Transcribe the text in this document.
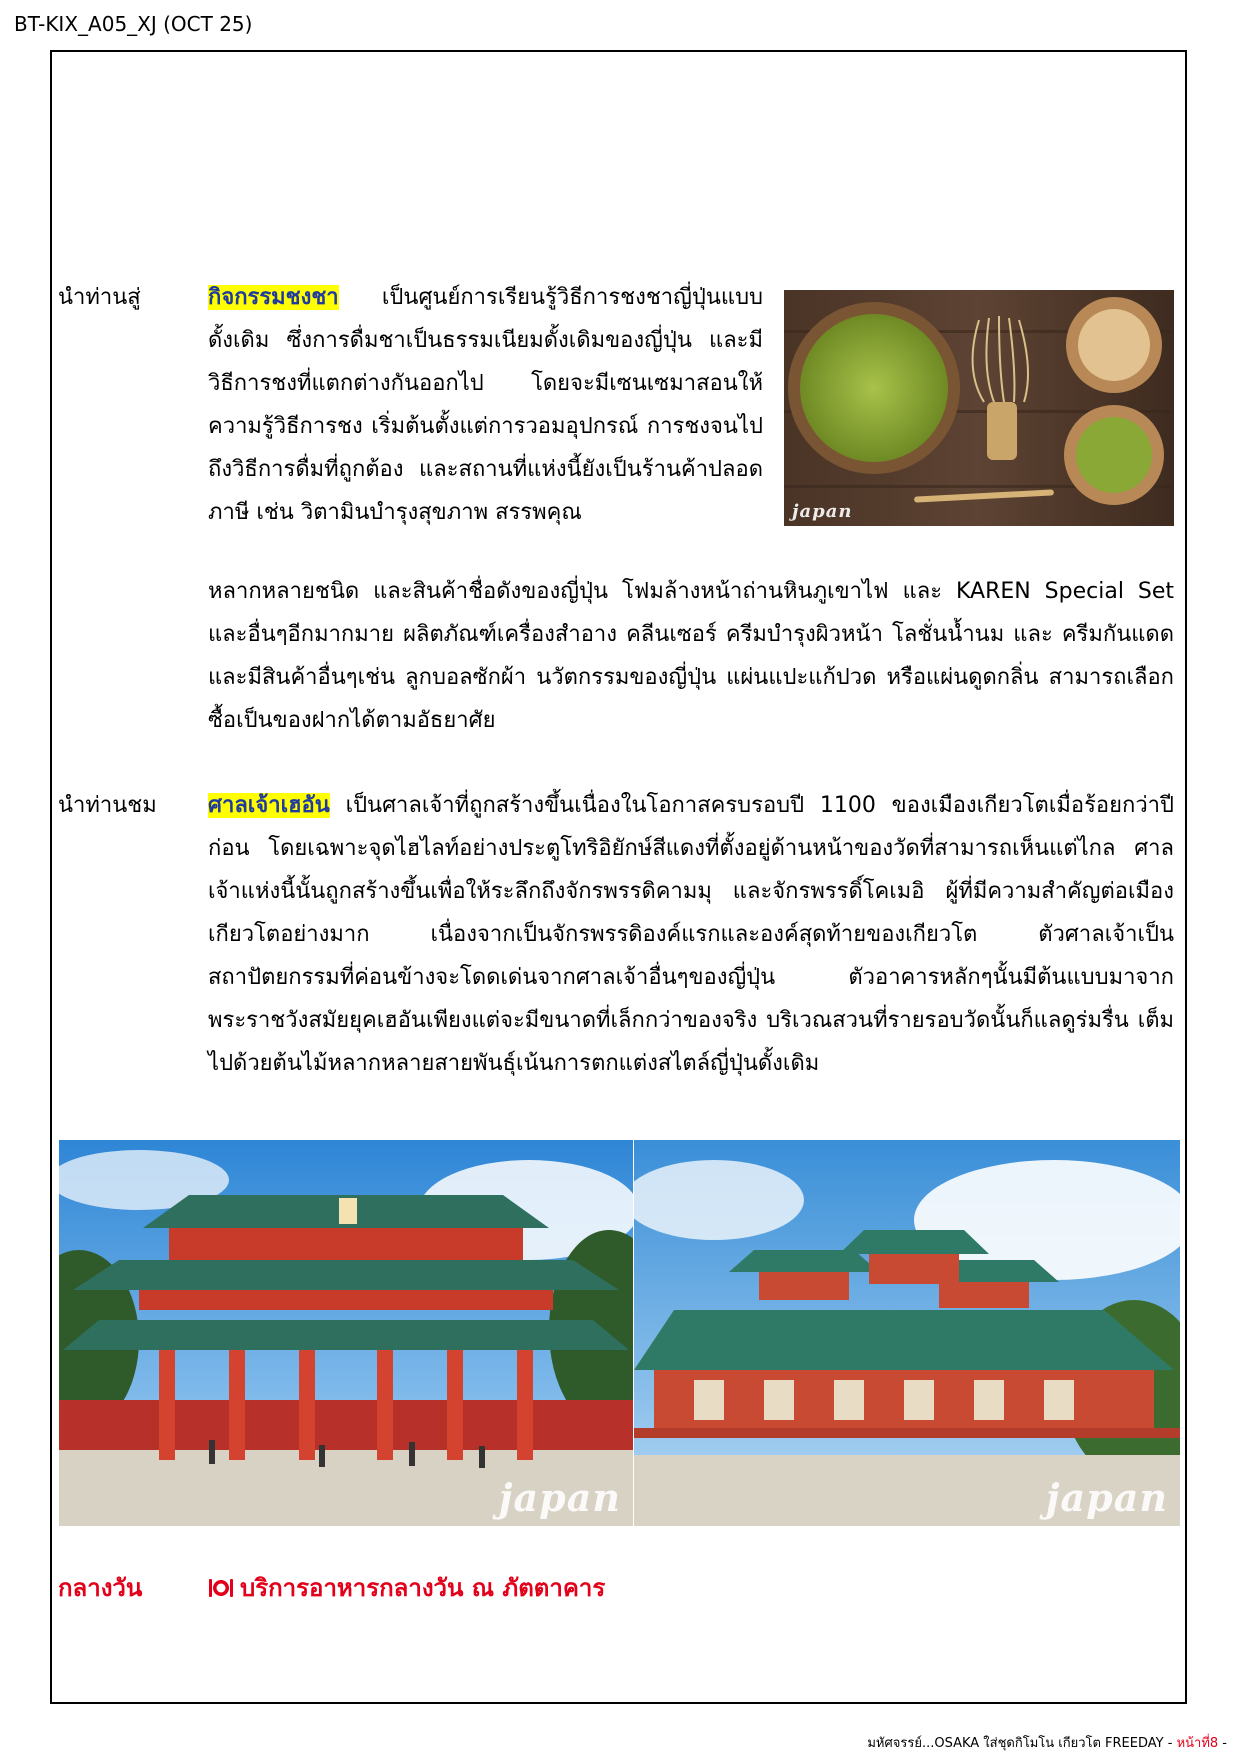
BT-KIX_A05_XJ (OCT 25)
นำท่านสู่	กิจกรรมชงชา เป็นศูนย์การเรียนรู้วิธีการชงชาญี่ปุ่นแบบดั้งเดิม ซึ่งการดื่มชาเป็นธรรมเนียมดั้งเดิมของญี่ปุ่น และมีวิธีการชงที่แตกต่างกันออกไป โดยจะมีเซนเซมาสอนให้ความรู้วิธีการชง เริ่มต้นตั้งแต่การวอมอุปกรณ์ การชงจนไปถึงวิธีการดื่มที่ถูกต้อง และสถานที่แห่งนี้ยังเป็นร้านค้าปลอดภาษี เช่น วิตามินบำรุงสุขภาพ สรรพคุณ	japan

หลากหลายชนิด และสินค้าชื่อดังของญี่ปุ่น โฟมล้างหน้าถ่านหินภูเขาไฟ และ KAREN Special Set และอื่นๆอีกมากมาย ผลิตภัณฑ์เครื่องสำอาง คลีนเซอร์ ครีมบำรุงผิวหน้า โลชั่นน้ำนม และ ครีมกันแดด และมีสินค้าอื่นๆเช่น ลูกบอลซักผ้า นวัตกรรมของญี่ปุ่น แผ่นแปะแก้ปวด หรือแผ่นดูดกลิ่น สามารถเลือกซื้อเป็นของฝากได้ตามอัธยาศัย

นำท่านชม ศาลเจ้าเฮอัน เป็นศาลเจ้าที่ถูกสร้างขึ้นเนื่องในโอกาสครบรอบปี 1100 ของเมืองเกียวโตเมื่อร้อยกว่าปีก่อน โดยเฉพาะจุดไฮไลท์อย่างประตูโทริอิยักษ์สีแดงที่ตั้งอยู่ด้านหน้าของวัดที่สามารถเห็นแต่ไกล ศาลเจ้าแห่งนี้นั้นถูกสร้างขึ้นเพื่อให้ระลึกถึงจักรพรรดิคามมุ และจักรพรรดิ์โคเมอิ ผู้ที่มีความสำคัญต่อเมืองเกียวโตอย่างมาก เนื่องจากเป็นจักรพรรดิองค์แรกและองค์สุดท้ายของเกียวโต ตัวศาลเจ้าเป็นสถาปัตยกรรมที่ค่อนข้างจะโดดเด่นจากศาลเจ้าอื่นๆของญี่ปุ่น ตัวอาคารหลักๆนั้นมีต้นแบบมาจากพระราชวังสมัยยุคเฮอันเพียงแต่จะมีขนาดที่เล็กกว่าของจริง บริเวณสวนที่รายรอบวัดนั้นก็แลดูร่มรื่น เต็มไปด้วยต้นไม้หลากหลายสายพันธุ์เน้นการตกแต่งสไตล์ญี่ปุ่นดั้งเดิม

japan	japan
กลางวัน	บริการอาหารกลางวัน ณ ภัตตาคาร
มหัศจรรย์...OSAKA ใส่ชุดกิโมโน เกียวโต FREEDAY - หน้าที่8 -
